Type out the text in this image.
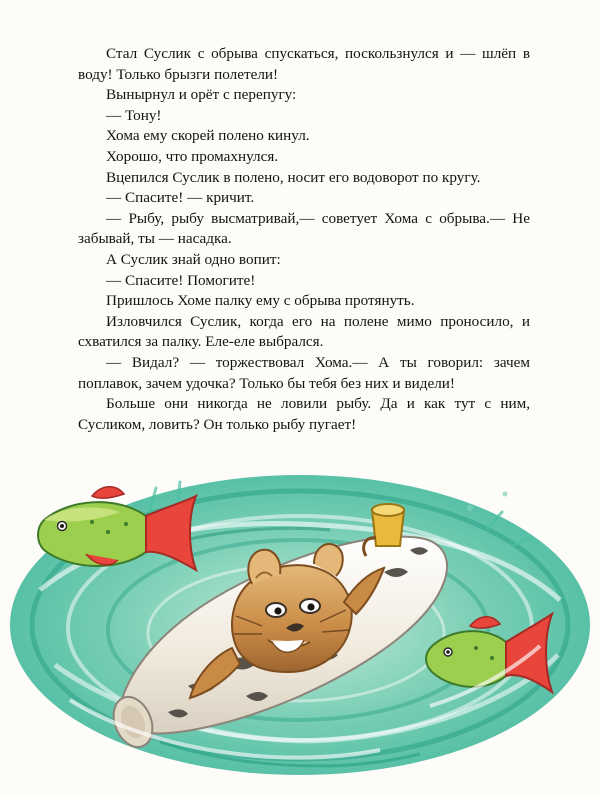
Стал Суслик с обрыва спускаться, поскользнулся и — шлёп в воду! Только брызги полетели!

Вынырнул и орёт с перепугу:

— Тону!

Хома ему скорей полено кинул.

Хорошо, что промахнулся.

Вцепился Суслик в полено, носит его водоворот по кругу.

— Спасите! — кричит.

— Рыбу, рыбу высматривай,— советует Хома с обрыва.— Не забывай, ты — насадка.

А Суслик знай одно вопит:

— Спасите! Помогите!

Пришлось Хоме палку ему с обрыва протянуть.

Изловчился Суслик, когда его на полене мимо проносило, и схватился за палку. Еле-еле выбрался.

— Видал? — торжествовал Хома.— А ты говорил: зачем поплавок, зачем удочка? Только бы тебя без них и видели!

Больше они никогда не ловили рыбу. Да и как тут с ним, Сусликом, ловить? Он только рыбу пугает!
